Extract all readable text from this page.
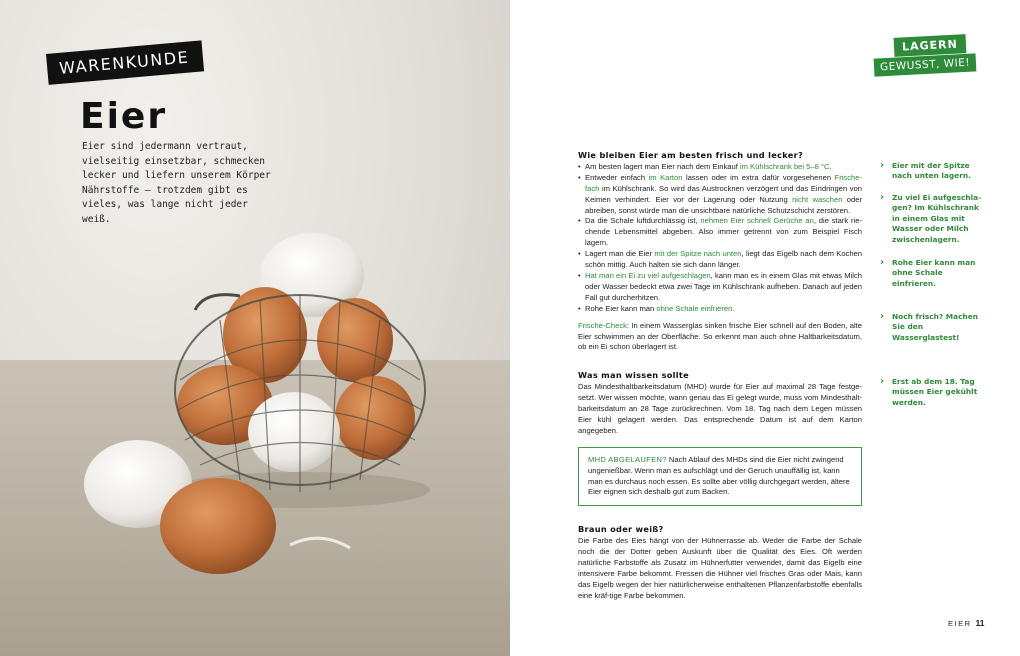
WARENKUNDE
Eier
Eier sind jedermann vertraut, vielseitig einsetzbar, schmecken lecker und liefern unserem Körper Nährstoffe – trotzdem gibt es vieles, was lange nicht jeder weiß.
LAGERN
GEWUSST, WIE!
Wie bleiben Eier am besten frisch und lecker?
• Am besten lagert man Eier nach dem Einkauf im Kühlschrank bei 5–8 °C.
• Entweder einfach im Karton lassen oder im extra dafür vorgesehenen Frische-fach im Kühlschrank. So wird das Austrocknen verzögert und das Eindringen von Keimen verhindert. Eier vor der Lagerung oder Nutzung nicht waschen oder abreiben, sonst würde man die unsichtbare natürliche Schutzschicht zerstören.
• Da die Schale luftdurchlässig ist, nehmen Eier schnell Gerüche an, die stark rie-chende Lebensmittel abgeben. Also immer getrennt von zum Beispiel Fisch lagern.
• Lagert man die Eier mit der Spitze nach unten, liegt das Eigelb nach dem Kochen schön mittig. Auch halten sie sich dann länger.
• Hat man ein Ei zu viel aufgeschlagen, kann man es in einem Glas mit etwas Milch oder Wasser bedeckt etwa zwei Tage im Kühlschrank aufheben. Danach auf jeden Fall gut durcherhitzen.
• Rohe Eier kann man ohne Schale einfrieren.

Frische-Check: In einem Wasserglas sinken frische Eier schnell auf den Boden, alte Eier schwimmen an der Oberfläche. So erkennt man auch ohne Haltbarkeitsdatum, ob ein Ei schon überlagert ist.

Was man wissen sollte

Das Mindesthaltbarkeitsdatum (MHD) wurde für Eier auf maximal 28 Tage festge-setzt. Wer wissen möchte, wann genau das Ei gelegt wurde, muss vom Mindesthalt-barkeitsdatum an 28 Tage zurückrechnen. Vom 18. Tag nach dem Legen müssen Eier kühl gelagert werden. Das entsprechende Datum ist auf dem Karton angegeben.

MHD ABGELAUFEN? Nach Ablauf des MHDs sind die Eier nicht zwingend ungenießbar. Wenn man es aufschlägt und der Geruch unauffällig ist, kann man es durchaus noch essen. Es sollte aber völlig durchgegart werden, ältere Eier eignen sich deshalb gut zum Backen.
Braun oder weiß?

Die Farbe des Eies hängt von der Hühnerrasse ab. Weder die Farbe der Schale noch die der Dotter geben Auskunft über die Qualität des Eies. Oft werden natürliche Farbstoffe als Zusatz im Hühnerfutter verwendet, damit das Eigelb eine intensivere Farbe bekommt. Fressen die Hühner viel frisches Gras oder Mais, kann das Eigelb wegen der hier natürlicherweise enthaltenen Pflanzenfarbstoffe ebenfalls eine kräf-tige Farbe bekommen.

› Eier mit der Spitze nach unten lagern.
› Zu viel Ei aufgeschla-gen? Im Kühlschrank in einem Glas mit Wasser oder Milch zwischenlagern.
› Rohe Eier kann man ohne Schale einfrieren.
› Noch frisch? Machen Sie den Wasserglastest!
› Erst ab dem 18. Tag müssen Eier gekühlt werden.
EIER 11
